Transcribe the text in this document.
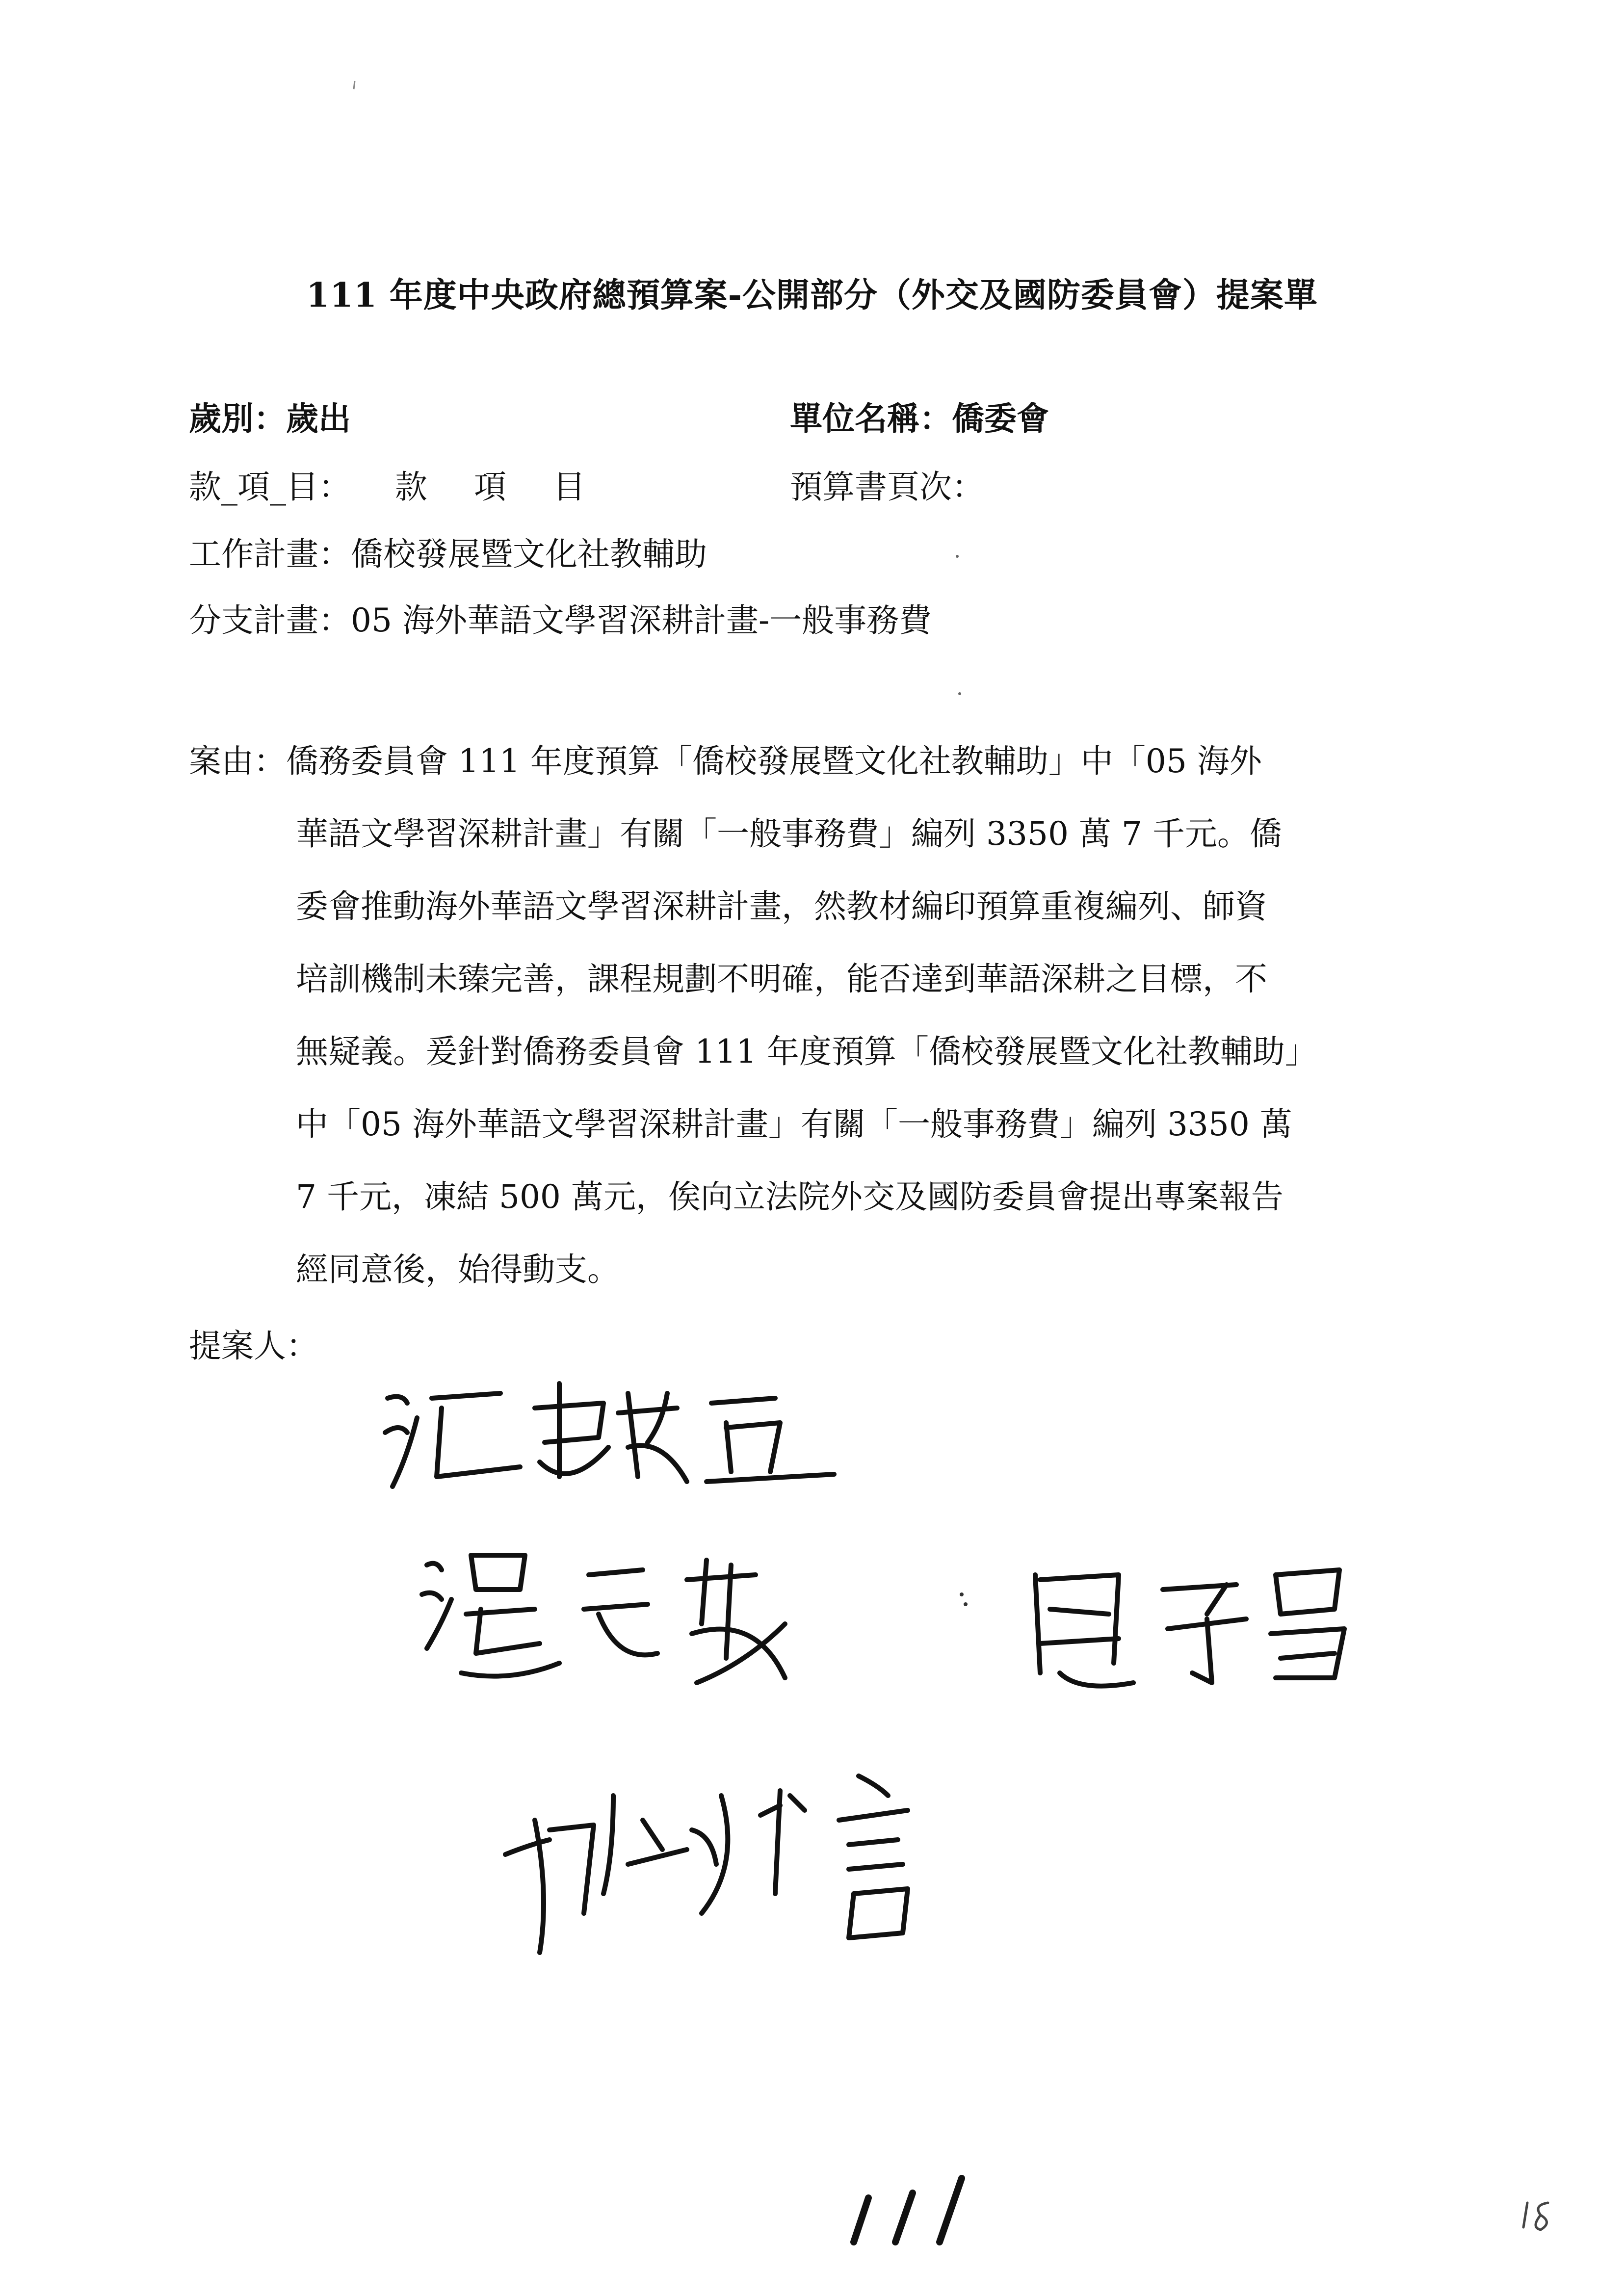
111 年度中央政府總預算案-公開部分（外交及國防委員會）提案單
歲別：歲出	單位名稱：僑委會
款_項_目： 款 項 目	預算書頁次：
工作計畫：僑校發展暨文化社教輔助
分支計畫：05 海外華語文學習深耕計畫-一般事務費
案由：僑務委員會 111 年度預算「僑校發展暨文化社教輔助」中「05 海外
華語文學習深耕計畫」有關「一般事務費」編列 3350 萬 7 千元。僑
委會推動海外華語文學習深耕計畫，然教材編印預算重複編列、師資
培訓機制未臻完善，課程規劃不明確，能否達到華語深耕之目標，不
無疑義。爰針對僑務委員會 111 年度預算「僑校發展暨文化社教輔助」
中「05 海外華語文學習深耕計畫」有關「一般事務費」編列 3350 萬
7 千元，凍結 500 萬元，俟向立法院外交及國防委員會提出專案報告
經同意後，始得動支。
提案人：
